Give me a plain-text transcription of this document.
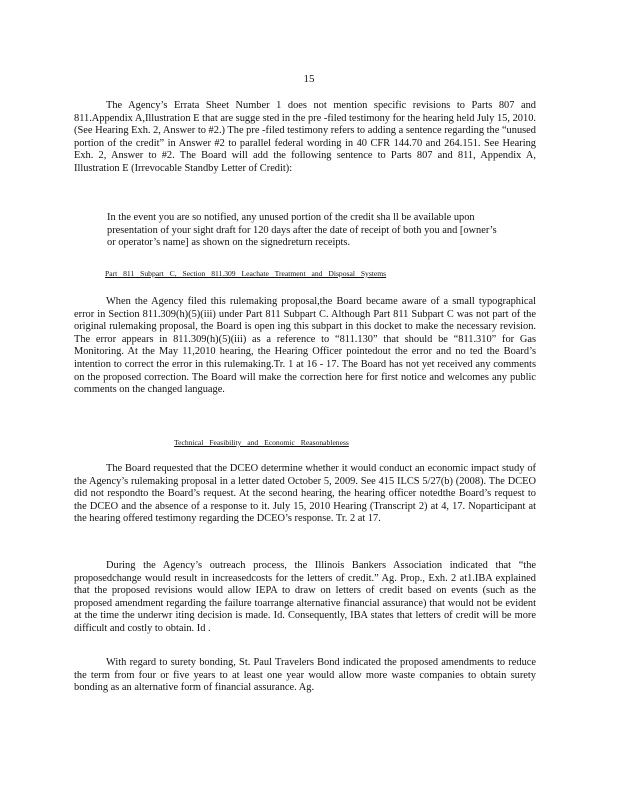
15

The Agency’s Errata Sheet Number 1 does not mention specific revisions to Parts 807 and 811.Appendix A,Illustration E that are sugge sted in the pre -filed testimony for the hearing held July 15, 2010. (See Hearing Exh. 2, Answer to #2.) The pre -filed testimony refers to adding a sentence regarding the “unused portion of the credit” in Answer #2 to parallel federal wording in 40 CFR 144.70 and 264.151. See Hearing Exh. 2, Answer to #2. The Board will add the following sentence to Parts 807 and 811, Appendix A, Illustration E (Irrevocable Standby Letter of Credit):

In the event you are so notified, any unused portion of the credit sha ll be available upon presentation of your sight draft for 120 days after the date of receipt of both you and [owner’s or operator’s name] as shown on the signedreturn receipts.

Part 811 Subpart C, Section 811.309 Leachate Treatment and Disposal Systems

When the Agency filed this rulemaking proposal,the Board became aware of a small typographical error in Section 811.309(h)(5)(iii) under Part 811 Subpart C. Although Part 811 Subpart C was not part of the original rulemaking proposal, the Board is open ing this subpart in this docket to make the necessary revision. The error appears in 811.309(h)(5)(iii) as a reference to “811.130” that should be “811.310” for Gas Monitoring. At the May 11,2010 hearing, the Hearing Officer pointedout the error and no ted the Board’s intention to correct the error in this rulemaking.Tr. 1 at 16 - 17. The Board has not yet received any comments on the proposed correction. The Board will make the correction here for first notice and welcomes any public comments on the changed language.

Technical Feasibility and Economic Reasonableness

The Board requested that the DCEO determine whether it would conduct an economic impact study of the Agency’s rulemaking proposal in a letter dated October 5, 2009. See 415 ILCS 5/27(b) (2008). The DCEO did not respondto the Board’s request. At the second hearing, the hearing officer notedthe Board’s request to the DCEO and the absence of a response to it. July 15, 2010 Hearing (Transcript 2) at 4, 17. Noparticipant at the hearing offered testimony regarding the DCEO’s response. Tr. 2 at 17.

During the Agency’s outreach process, the Illinois Bankers Association indicated that “the proposedchange would result in increasedcosts for the letters of credit.” Ag. Prop., Exh. 2 at1.IBA explained that the proposed revisions would allow IEPA to draw on letters of credit based on events (such as the proposed amendment regarding the failure toarrange alternative financial assurance) that would not be evident at the time the underwr iting decision is made. Id. Consequently, IBA states that letters of credit will be more difficult and costly to obtain. Id .

With regard to surety bonding, St. Paul Travelers Bond indicated the proposed amendments to reduce the term from four or five years to at least one year would allow more waste companies to obtain surety bonding as an alternative form of financial assurance. Ag.
